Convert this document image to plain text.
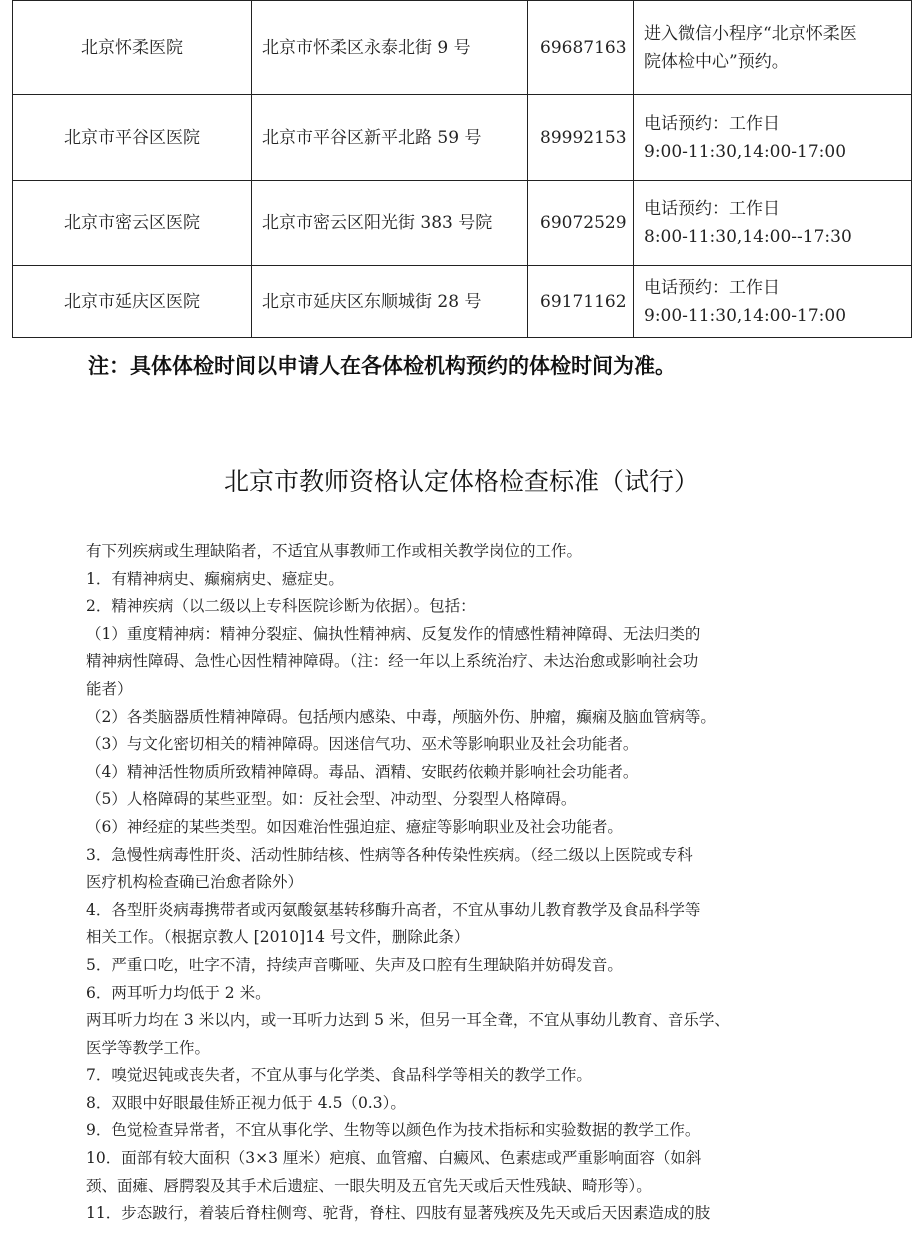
北京怀柔医院	北京市怀柔区永泰北街 9 号	69687163	进入微信小程序“北京怀柔医
院体检中心”预约。

北京市平谷区医院	北京市平谷区新平北路 59 号	89992153	电话预约：工作日
9:00-11:30,14:00-17:00

北京市密云区医院	北京市密云区阳光街 383 号院	69072529	电话预约：工作日
8:00-11:30,14:00--17:30

北京市延庆区医院	北京市延庆区东顺城街 28 号	69171162	电话预约：工作日
9:00-11:30,14:00-17:00
注：具体体检时间以申请人在各体检机构预约的体检时间为准。
北京市教师资格认定体格检查标准（试行）

有下列疾病或生理缺陷者，不适宜从事教师工作或相关教学岗位的工作。

1．有精神病史、癫痫病史、癔症史。

2．精神疾病（以二级以上专科医院诊断为依据）。包括：

（1）重度精神病：精神分裂症、偏执性精神病、反复发作的情感性精神障碍、无法归类的

精神病性障碍、急性心因性精神障碍。（注：经一年以上系统治疗、未达治愈或影响社会功

能者）

（2）各类脑器质性精神障碍。包括颅内感染、中毒，颅脑外伤、肿瘤，癫痫及脑血管病等。

（3）与文化密切相关的精神障碍。因迷信气功、巫术等影响职业及社会功能者。

（4）精神活性物质所致精神障碍。毒品、酒精、安眠药依赖并影响社会功能者。

（5）人格障碍的某些亚型。如：反社会型、冲动型、分裂型人格障碍。

（6）神经症的某些类型。如因难治性强迫症、癔症等影响职业及社会功能者。

3．急慢性病毒性肝炎、活动性肺结核、性病等各种传染性疾病。（经二级以上医院或专科

医疗机构检查确已治愈者除外）

4．各型肝炎病毒携带者或丙氨酸氨基转移酶升高者，不宜从事幼儿教育教学及食品科学等

相关工作。（根据京教人 [2010]14 号文件，删除此条）

5．严重口吃，吐字不清，持续声音嘶哑、失声及口腔有生理缺陷并妨碍发音。

6．两耳听力均低于 2 米。

两耳听力均在 3 米以内，或一耳听力达到 5 米，但另一耳全聋，不宜从事幼儿教育、音乐学、

医学等教学工作。

7．嗅觉迟钝或丧失者，不宜从事与化学类、食品科学等相关的教学工作。

8．双眼中好眼最佳矫正视力低于 4.5（0.3）。

9．色觉检查异常者，不宜从事化学、生物等以颜色作为技术指标和实验数据的教学工作。

10．面部有较大面积（3×3 厘米）疤痕、血管瘤、白癜风、色素痣或严重影响面容（如斜

颈、面瘫、唇腭裂及其手术后遗症、一眼失明及五官先天或后天性残缺、畸形等）。

11．步态跛行，着装后脊柱侧弯、驼背，脊柱、四肢有显著残疾及先天或后天因素造成的肢
